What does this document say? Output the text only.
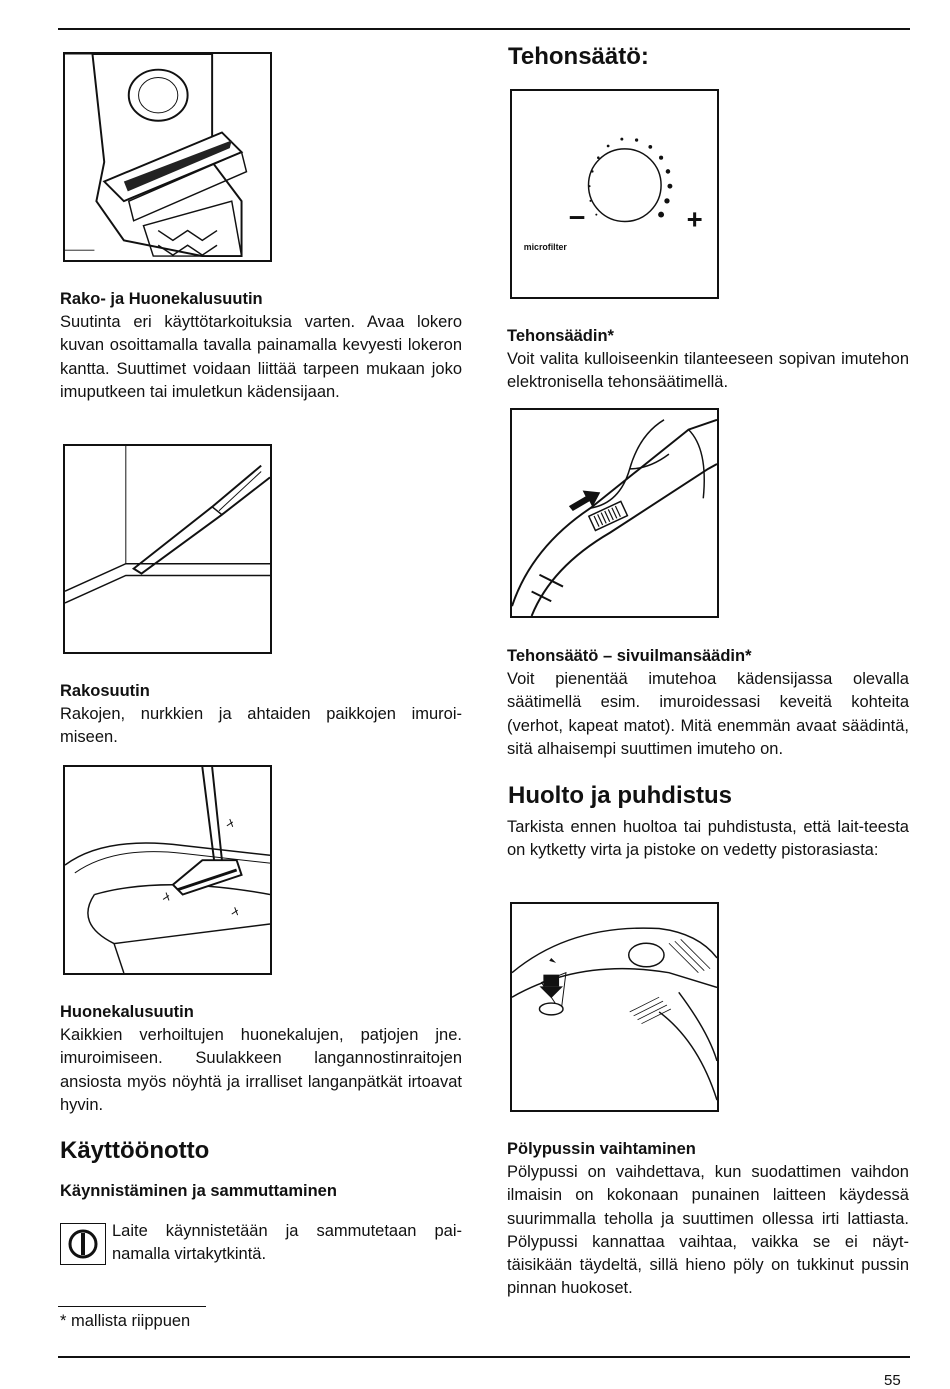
Rako- ja Huonekalusuutin

Suutinta eri käyttötarkoituksia varten. Avaa lokero kuvan osoittamalla tavalla painamalla kevyesti lokeron kantta. Suuttimet voidaan liittää tarpeen mukaan joko imuputkeen tai imuletkun kädensijaan.

Rakosuutin

Rakojen, nurkkien ja ahtaiden paikkojen imuroi-miseen.

Huonekalusuutin

Kaikkien verhoiltujen huonekalujen, patjojen jne. imuroimiseen. Suulakkeen langannostinraitojen ansiosta myös nöyhtä ja irralliset langanpätkät irtoavat hyvin.

Käyttöönotto

Käynnistäminen ja sammuttaminen

Laite käynnistetään ja sammutetaan pai-namalla virtakytkintä.

* mallista riippuen
Tehonsäätö:
–	+
microfilter

Tehonsäädin*

Voit valita kulloiseenkin tilanteeseen sopivan imutehon elektronisella tehonsäätimellä.

Tehonsäätö – sivuilmansäädin*

Voit pienentää imutehoa kädensijassa olevalla säätimellä esim. imuroidessasi keveitä kohteita (verhot, kapeat matot). Mitä enemmän avaat säädintä, sitä alhaisempi suuttimen imuteho on.

Huolto ja puhdistus

Tarkista ennen huoltoa tai puhdistusta, että lait-teesta on kytketty virta ja pistoke on vedetty pistorasiasta:

Pölypussin vaihtaminen

Pölypussi on vaihdettava, kun suodattimen vaihdon ilmaisin on kokonaan punainen laitteen käydessä suurimmalla teholla ja suuttimen ollessa irti lattiasta. Pölypussi kannattaa vaihtaa, vaikka se ei näyt-täisikään täydeltä, sillä hieno pöly on tukkinut pussin pinnan huokoset.

55
